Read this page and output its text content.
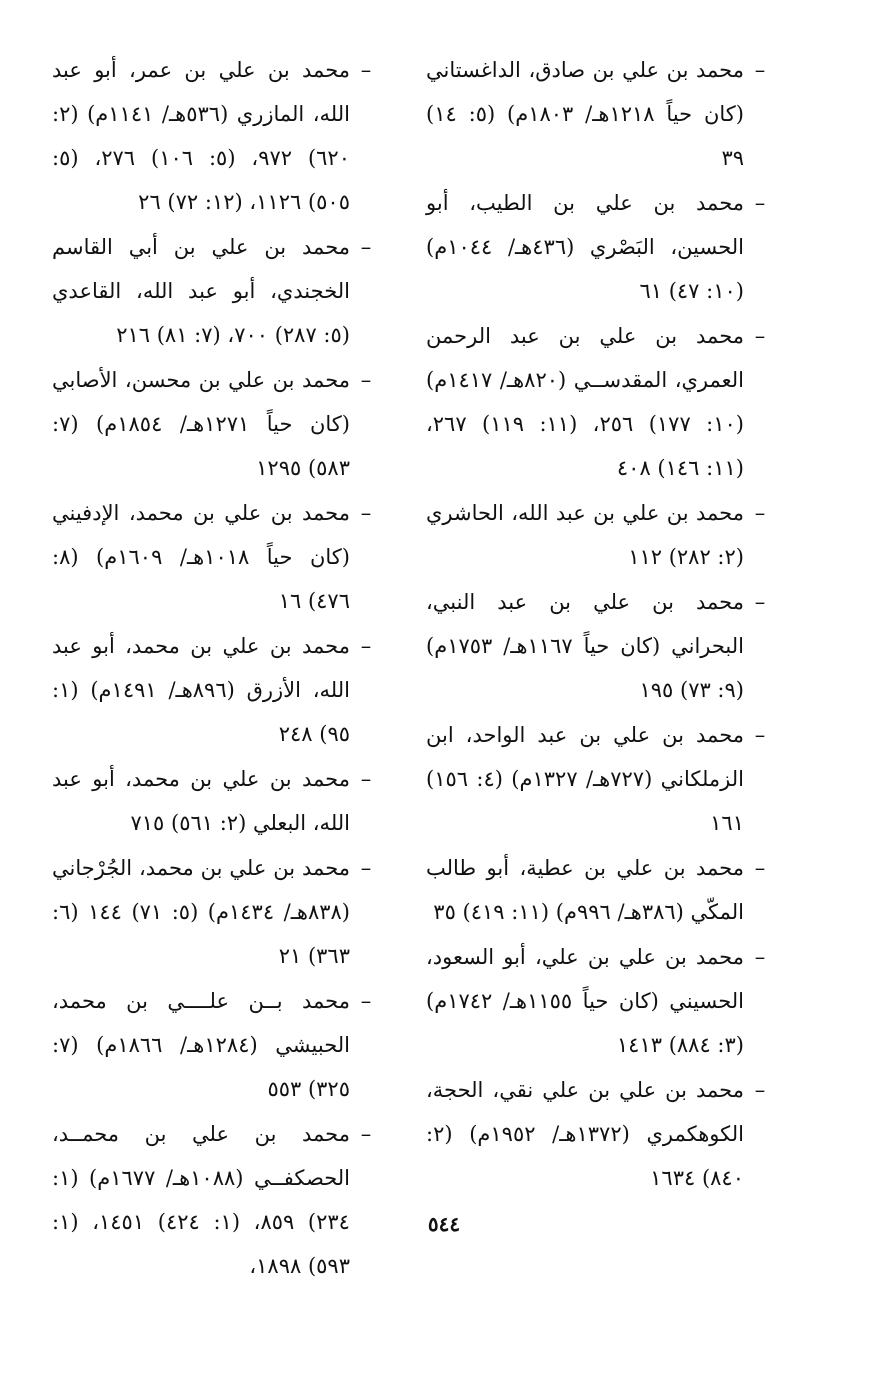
–
محمد بن علي بن صادق، الداغستاني (كان حياً ١٢١٨هـ/ ١٨٠٣م) (٥: ١٤) ٣٩
–
محمد بن علي بن الطيب، أبو الحسين، البَصْري (٤٣٦هـ/ ١٠٤٤م) (١٠: ٤٧) ٦١
–
محمد بن علي بن عبد الرحمن العمري، المقدســي (٨٢٠هـ/ ١٤١٧م) (١٠: ١٧٧) ٢٥٦، (١١: ١١٩) ٢٦٧، (١١: ١٤٦) ٤٠٨
–
محمد بن علي بن عبد الله، الحاشري (٢: ٢٨٢) ١١٢
–
محمد بن علي بن عبد النبي، البحراني (كان حياً ١١٦٧هـ/ ١٧٥٣م) (٩: ٧٣) ١٩٥
–
محمد بن علي بن عبد الواحد، ابن الزملكاني (٧٢٧هـ/ ١٣٢٧م) (٤: ١٥٦) ١٦١
–
محمد بن علي بن عطية، أبو طالب المكّي (٣٨٦هـ/ ٩٩٦م) (١١: ٤١٩) ٣٥
–
محمد بن علي بن علي، أبو السعود، الحسيني (كان حياً ١١٥٥هـ/ ١٧٤٢م) (٣: ٨٨٤) ١٤١٣
–
محمد بن علي بن علي نقي، الحجة، الكوهكمري (١٣٧٢هـ/ ١٩٥٢م) (٢: ٨٤٠) ١٦٣٤
–
محمد بن علي بن عمر، أبو عبد الله، المازري (٥٣٦هـ/ ١١٤١م) (٢: ٦٢٠) ٩٧٢، (٥: ١٠٦) ٢٧٦، (٥: ٥٠٥) ١١٢٦، (١٢: ٧٢) ٢٦
–
محمد بن علي بن أبي القاسم الخجندي، أبو عبد الله، القاعدي (٥: ٢٨٧) ٧٠٠، (٧: ٨١) ٢١٦
–
محمد بن علي بن محسن، الأصابي (كان حياً ١٢٧١هـ/ ١٨٥٤م) (٧: ٥٨٣) ١٢٩٥
–
محمد بن علي بن محمد، الإدفيني (كان حياً ١٠١٨هـ/ ١٦٠٩م) (٨: ٤٧٦) ١٦
–
محمد بن علي بن محمد، أبو عبد الله، الأزرق (٨٩٦هـ/ ١٤٩١م) (١: ٩٥) ٢٤٨
–
محمد بن علي بن محمد، أبو عبد الله، البعلي (٢: ٥٦١) ٧١٥
–
محمد بن علي بن محمد، الجُرْجاني (٨٣٨هـ/ ١٤٣٤م) (٥: ٧١) ١٤٤ (٦: ٣٦٣) ٢١
–
محمد بــن علــــي بن محمد، الحبيشي (١٢٨٤هـ/ ١٨٦٦م) (٧: ٣٢٥) ٥٥٣
–
محمد بن علي بن محمــد، الحصكفــي (١٠٨٨هـ/ ١٦٧٧م) (١: ٢٣٤) ٨٥٩، (١: ٤٢٤) ١٤٥١، (١: ٥٩٣) ١٨٩٨،
٥٤٤
